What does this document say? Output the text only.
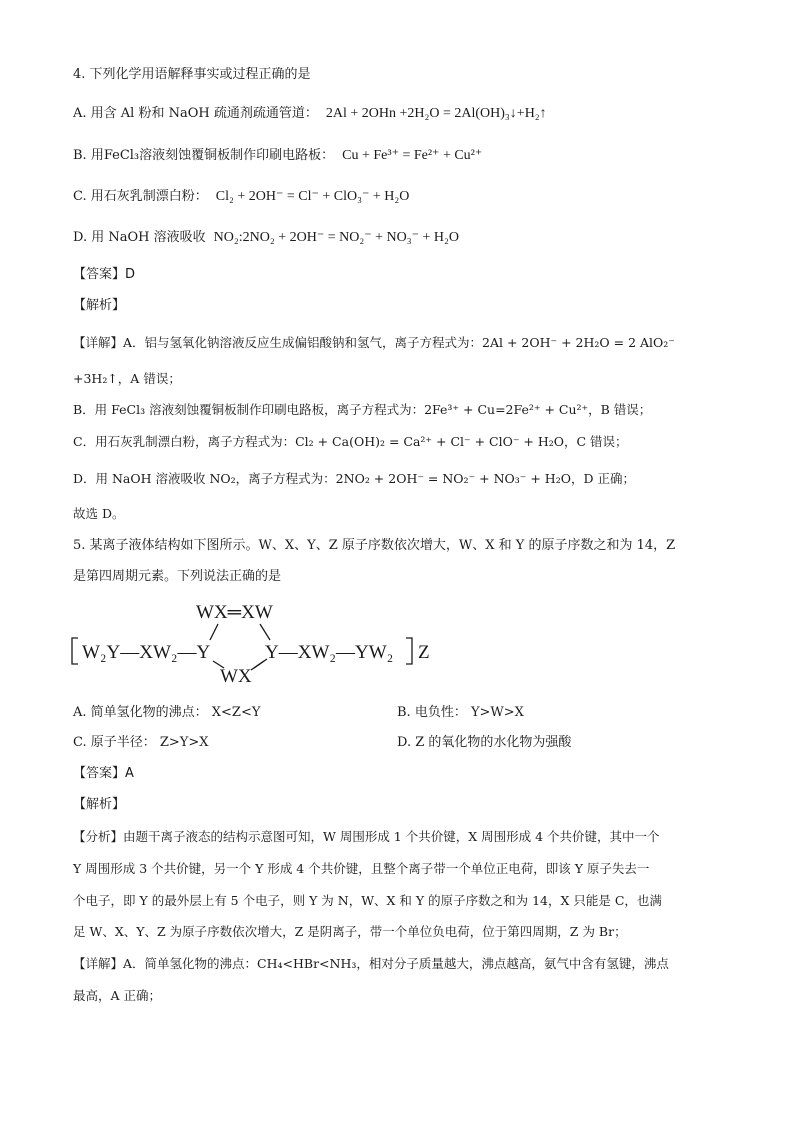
4. 下列化学用语解释事实或过程正确的是
A. 用含 Al 粉和 NaOH 疏通剂疏通管道： 2Al + 2OHn +2H₂O = 2Al(OH)₃↓+H₂↑
B. 用FeCl₃溶液刻蚀覆铜板制作印刷电路板： Cu + Fe³⁺ = Fe²⁺ + Cu²⁺
C. 用石灰乳制漂白粉： Cl₂ + 2OH⁻ = Cl⁻ + ClO₃⁻ + H₂O
D. 用 NaOH 溶液吸收 NO₂:2NO₂ + 2OH⁻ = NO₂⁻ + NO₃⁻ + H₂O
【答案】D
【解析】
【详解】A．铝与氢氧化钠溶液反应生成偏铝酸钠和氢气，离子方程式为：2Al + 2OH⁻ + 2H₂O = 2 AlO₂⁻
+3H₂↑，A 错误；
B．用 FeCl₃ 溶液刻蚀覆铜板制作印刷电路板，离子方程式为：2Fe³⁺ + Cu=2Fe²⁺ + Cu²⁺，B 错误；
C．用石灰乳制漂白粉，离子方程式为：Cl₂ + Ca(OH)₂ = Ca²⁺ + Cl⁻ + ClO⁻ + H₂O，C 错误；
D．用 NaOH 溶液吸收 NO₂，离子方程式为：2NO₂ + 2OH⁻ = NO₂⁻ + NO₃⁻ + H₂O，D 正确；
故选 D。
5. 某离子液体结构如下图所示。W、X、Y、Z 原子序数依次增大，W、X 和 Y 的原子序数之和为 14，Z
是第四周期元素。下列说法正确的是
WX═XW
W₂Y—XW₂—Y	Y—XW₂—YW₂
WX
Z
A. 简单氢化物的沸点： X<Z<Y	B. 电负性： Y>W>X
C. 原子半径： Z>Y>X	D. Z 的氧化物的水化物为强酸
【答案】A
【解析】
【分析】由题干离子液态的结构示意图可知，W 周围形成 1 个共价键，X 周围形成 4 个共价键，其中一个
Y 周围形成 3 个共价键，另一个 Y 形成 4 个共价键，且整个离子带一个单位正电荷，即该 Y 原子失去一
个电子，即 Y 的最外层上有 5 个电子，则 Y 为 N，W、X 和 Y 的原子序数之和为 14，X 只能是 C，也满
足 W、X、Y、Z 为原子序数依次增大，Z 是阴离子，带一个单位负电荷，位于第四周期，Z 为 Br；
【详解】A．简单氢化物的沸点：CH₄<HBr<NH₃，相对分子质量越大，沸点越高，氨气中含有氢键，沸点
最高，A 正确；
